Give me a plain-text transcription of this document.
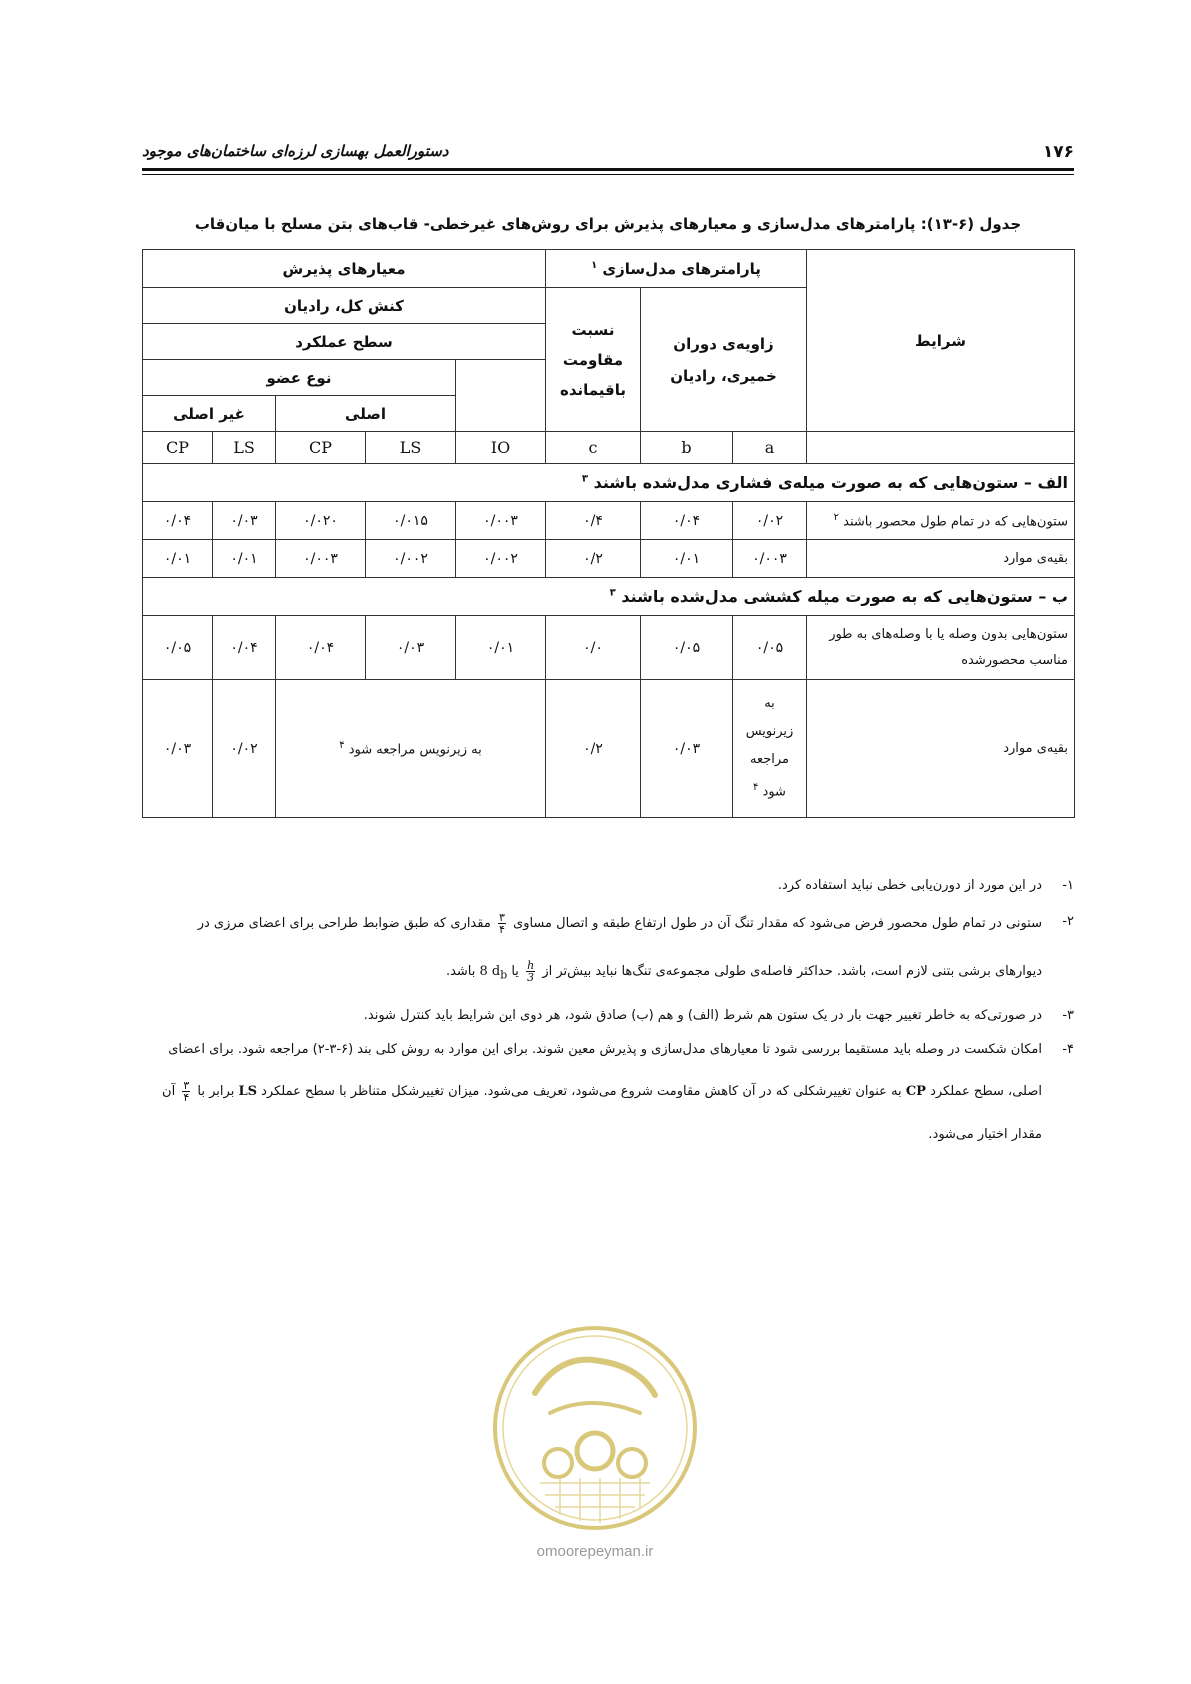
۱۷۶
دستورالعمل بهسازی لرزه‌ای ساختمان‌های موجود
جدول (۶-۱۳): پارامترهای مدل‌سازی و معیارهای پذیرش برای روش‌های غیرخطی- قاب‌های بتن مسلح با میان‌قاب
شرایط	پارامترهای مدل‌سازی $^۱$			معیارهای پذیرش				
	زاویه‌ی دوران خمیری، رادیان		نسبت مقاومت باقیمانده	کنش کل، رادیان				
				سطح عملکرد				
					نوع عضو			
					اصلی		غیر اصلی	
	a	b	c	IO	LS	CP	LS	CP
الف – ستون‌هایی که به صورت میله‌ی فشاری مدل‌شده باشند $^۳$
ستون‌هایی که در تمام طول محصور باشند $^۲$	۰/۰۲	۰/۰۴	۰/۴	۰/۰۰۳	۰/۰۱۵	۰/۰۲۰	۰/۰۳	۰/۰۴
بقیه‌ی موارد	۰/۰۰۳	۰/۰۱	۰/۲	۰/۰۰۲	۰/۰۰۲	۰/۰۰۳	۰/۰۱	۰/۰۱
ب – ستون‌هایی که به صورت میله کششی مدل‌شده باشند $^۳$
ستون‌هایی بدون وصله یا با وصله‌های به طور مناسب محصورشده	۰/۰۵	۰/۰۵	۰/۰	۰/۰۱	۰/۰۳	۰/۰۴	۰/۰۴	۰/۰۵
بقیه‌ی موارد	به زیرنویس مراجعه شود $^۴$	۰/۰۳	۰/۲	به زیرنویس مراجعه شود $^۴$			۰/۰۲	۰/۰۳
۱-
در این مورد از دورن‌یابی خطی نباید استفاده کرد.
۲-
ستونی در تمام طول محصور فرض می‌شود که مقدار تنگ آن در طول ارتفاع طبقه و اتصال مساوی
$\frac{۳}{۴}$
مقداری که طبق ضوابط طراحی برای اعضای مرزی در
دیوارهای برشی بتنی لازم است، باشد. حداکثر فاصله‌ی طولی مجموعه‌ی تنگ‌ها نباید بیش‌تر از
$\frac{h}{3}$
یا 8 $d_b$ باشد.
۳-
در صورتی‌که به خاطر تغییر جهت بار در یک ستون هم شرط (الف) و هم (ب) صادق شود، هر دوی این شرایط باید کنترل شوند.
۴-
امکان شکست در وصله باید مستقیما بررسی شود تا معیارهای مدل‌سازی و پذیرش معین شوند. برای این موارد به روش کلی بند (۶-۳-۲) مراجعه شود. برای اعضای
اصلی، سطح عملکرد CP به عنوان تغییرشکلی که در آن کاهش مقاومت شروع می‌شود، تعریف می‌شود. میزان تغییرشکل متناظر با سطح عملکرد LS برابر با
$\frac{۳}{۴}$
آن
مقدار اختیار می‌شود.
omoorepeyman.ir
